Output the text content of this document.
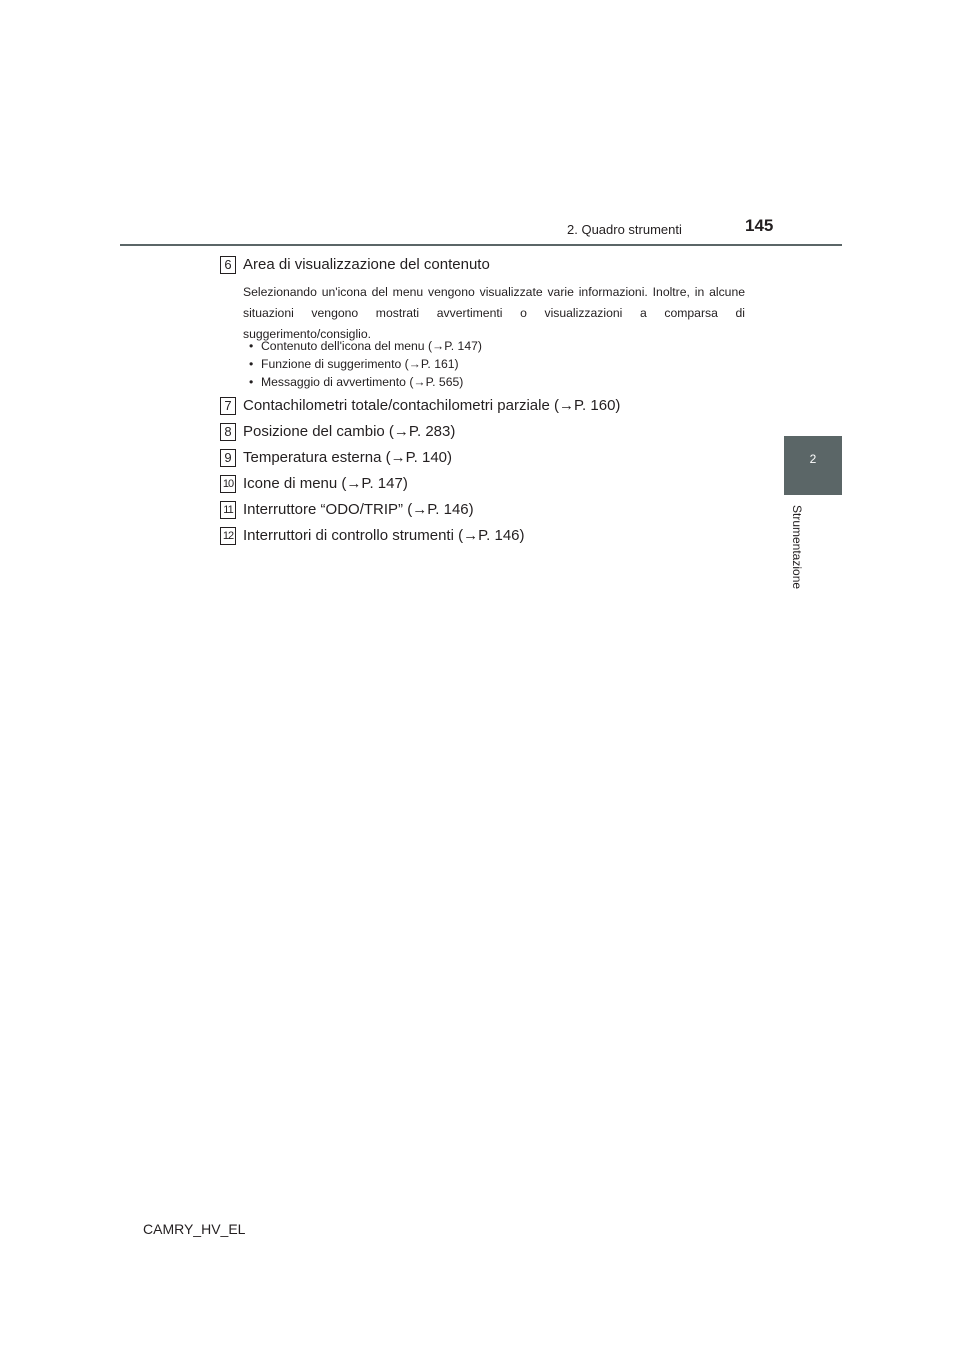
2. Quadro strumenti	145
2
Strumentazione
6 Area di visualizzazione del contenuto
Selezionando un'icona del menu vengono visualizzate varie informazioni. Inoltre, in alcune situazioni vengono mostrati avvertimenti o visualizzazioni a comparsa di suggerimento/consiglio.
• Contenuto dell'icona del menu (→P. 147)
• Funzione di suggerimento (→P. 161)
• Messaggio di avvertimento (→P. 565)
7 Contachilometri totale/contachilometri parziale (→P. 160)
8 Posizione del cambio (→P. 283)
9 Temperatura esterna (→P. 140)
10 Icone di menu (→P. 147)
11 Interruttore “ODO/TRIP” (→P. 146)
12 Interruttori di controllo strumenti (→P. 146)
CAMRY_HV_EL
